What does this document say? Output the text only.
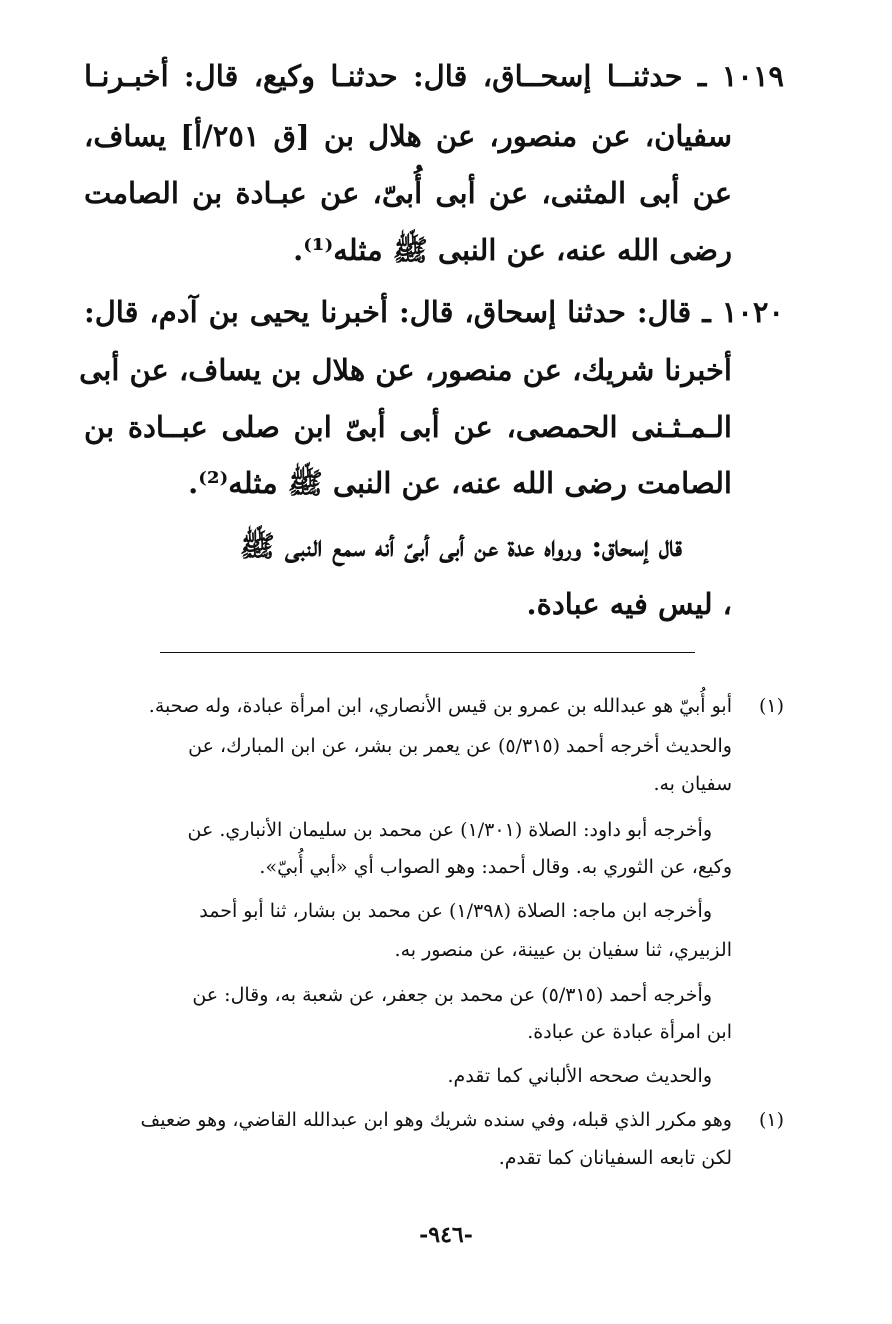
١٠١٩ ـ حدثنــا إسحــاق، قال: حدثنـا وكيع، قال: أخبـرنـا
سفيان، عن منصور، عن هلال بن [ق ٢٥١/أ] يساف،
عن أبى المثنى، عن أبى أُبىّ، عن عبـادة بن الصامت
رضى الله عنه، عن النبى ﷺ مثله⁽¹⁾.
١٠٢٠ ـ قال: حدثنا إسحاق، قال: أخبرنا يحيى بن آدم، قال:
أخبرنا شريك، عن منصور، عن هلال بن يساف، عن أبى
الـمـثـنى الحمصى، عن أبى أبىّ ابن صلى عبــادة بن
الصامت رضى الله عنه، عن النبى ﷺ مثله⁽²⁾.
قال إسحاق: ورواه عدة عن أبى أبىّ أنه سمع النبى ﷺ
، ليس فيه عبادة.
(١)
أبو أُبيّ هو عبدالله بن عمرو بن قيس الأنصاري، ابن امرأة عبادة، وله صحبة.
والحديث أخرجه أحمد (٥/٣١٥) عن يعمر بن بشر، عن ابن المبارك، عن
سفيان به.
وأخرجه أبو داود: الصلاة (١/٣٠١) عن محمد بن سليمان الأنباري. عن
وكيع، عن الثوري به. وقال أحمد: وهو الصواب أي «أبي أُبيّ».
وأخرجه ابن ماجه: الصلاة (١/٣٩٨) عن محمد بن بشار، ثنا أبو أحمد
الزبيري، ثنا سفيان بن عيينة، عن منصور به.
وأخرجه أحمد (٥/٣١٥) عن محمد بن جعفر، عن شعبة به، وقال: عن
ابن امرأة عبادة عن عبادة.
والحديث صححه الألباني كما تقدم.
(١)
وهو مكرر الذي قبله، وفي سنده شريك وهو ابن عبدالله القاضي، وهو ضعيف
لكن تابعه السفيانان كما تقدم.
-٩٤٦-
